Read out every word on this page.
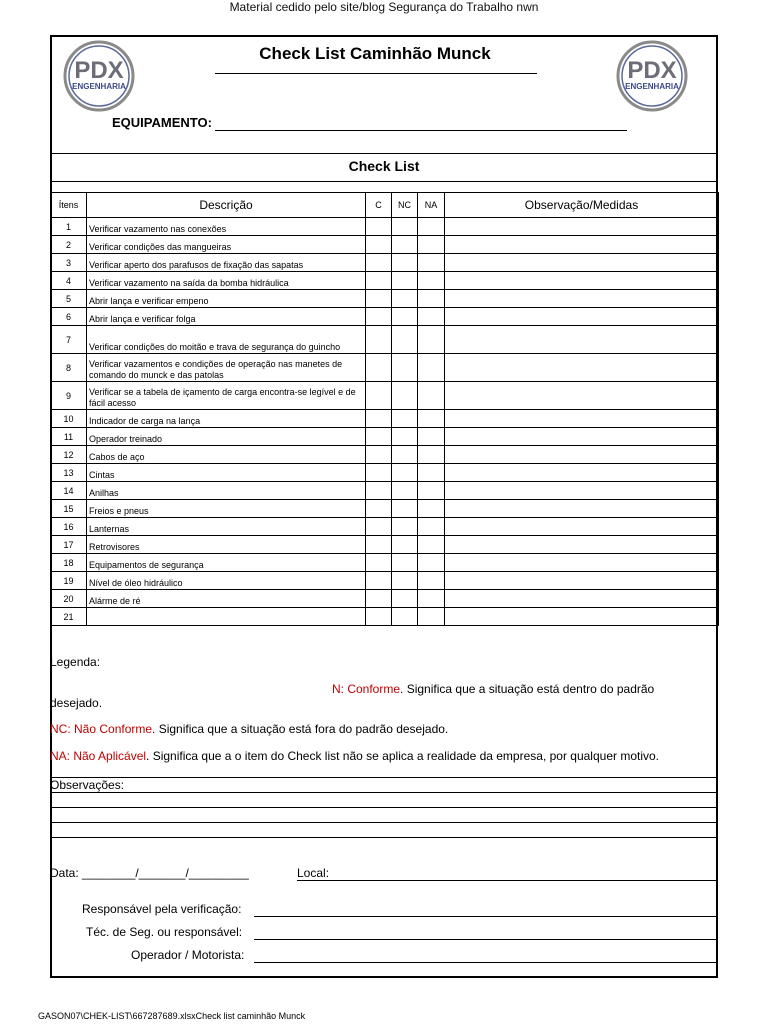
Material cedido pelo site/blog Segurança do Trabalho nwn
PDX
ENGENHARIA
PDX
ENGENHARIA
Check List Caminhão Munck
EQUIPAMENTO:
Check List
Ítens	Descrição	C	NC	NA	Observação/Medidas
1	Verificar vazamento nas conexões				
2	Verificar condições das mangueiras				
3	Verificar aperto dos parafusos de fixação das sapatas				
4	Verificar vazamento na saída da bomba hidráulica				
5	Abrir lança e verificar empeno				
6	Abrir lança e verificar folga				
7	Verificar condições do moitão e trava de segurança do guincho				
8	Verificar vazamentos e condições de operação nas manetes de comando do munck e das patolas				
9	Verificar se a tabela de içamento de carga encontra-se legível e de fácil acesso				
10	Indicador de carga na lança				
11	Operador treinado				
12	Cabos de aço				
13	Cintas				
14	Anilhas				
15	Freios e pneus				
16	Lanternas				
17	Retrovisores				
18	Equipamentos de segurança				
19	Nível de óleo hidráulico				
20	Alárme de ré				
21					
Legenda:
N: Conforme. Significa que a situação está dentro do padrão
desejado.
NC: Não Conforme. Significa que a situação está fora do padrão desejado.
NA: Não Aplicável. Significa que a o item do Check list não se aplica a realidade da empresa, por qualquer motivo.
Observações:
Data: ________/_______/_________	Local:
Responsável pela verificação:
Téc. de Seg. ou responsável:
Operador / Motorista:
GASON07\CHEK-LIST\667287689.xlsxCheck list caminhão Munck
